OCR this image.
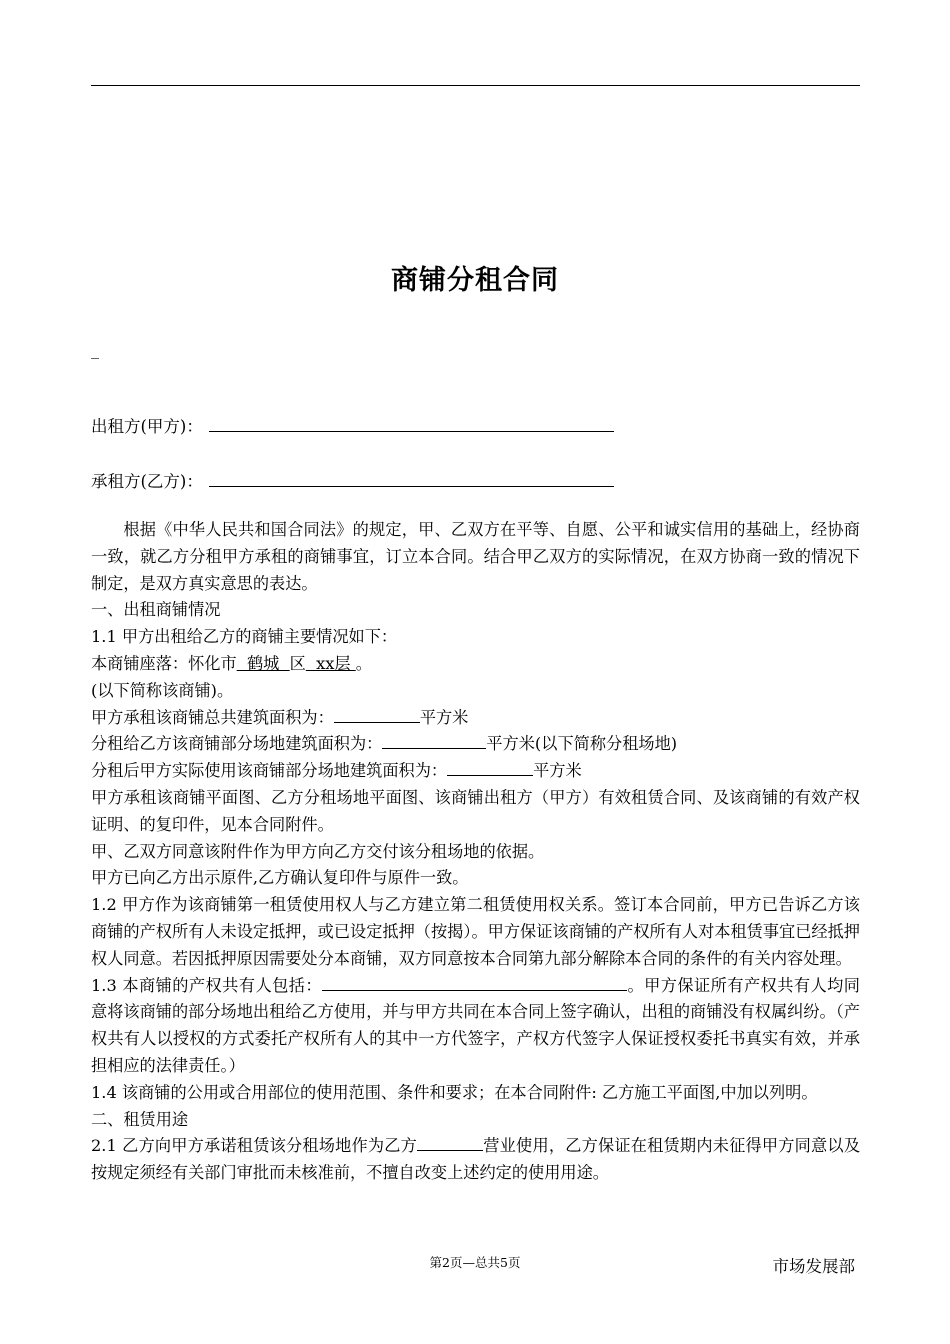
商铺分租合同
_
出租方(甲方)：
承租方(乙方)：

根据《中华人民共和国合同法》的规定，甲、乙双方在平等、自愿、公平和诚实信用的基础上，经协商一致，就乙方分租甲方承租的商铺事宜，订立本合同。结合甲乙双方的实际情况，在双方协商一致的情况下制定，是双方真实意思的表达。

一、出租商铺情况

1.1 甲方出租给乙方的商铺主要情况如下：

本商铺座落：怀化市  鹤城  区  xx层 。

(以下简称该商铺)。

甲方承租该商铺总共建筑面积为：	平方米

分租给乙方该商铺部分场地建筑面积为：	平方米(以下简称分租场地)

分租后甲方实际使用该商铺部分场地建筑面积为：	平方米

甲方承租该商铺平面图、乙方分租场地平面图、该商铺出租方（甲方）有效租赁合同、及该商铺的有效产权证明、的复印件，见本合同附件。

甲、乙双方同意该附件作为甲方向乙方交付该分租场地的依据。

甲方已向乙方出示原件,乙方确认复印件与原件一致。

1.2 甲方作为该商铺第一租赁使用权人与乙方建立第二租赁使用权关系。签订本合同前，甲方已告诉乙方该商铺的产权所有人未设定抵押，或已设定抵押（按揭）。甲方保证该商铺的产权所有人对本租赁事宜已经抵押权人同意。若因抵押原因需要处分本商铺，双方同意按本合同第九部分解除本合同的条件的有关内容处理。

1.3 本商铺的产权共有人包括：	。甲方保证所有产权共有人均同意将该商铺的部分场地出租给乙方使用，并与甲方共同在本合同上签字确认，出租的商铺没有权属纠纷。（产权共有人以授权的方式委托产权所有人的其中一方代签字，产权方代签字人保证授权委托书真实有效，并承担相应的法律责任。）

1.4 该商铺的公用或合用部位的使用范围、条件和要求；在本合同附件: 乙方施工平面图,中加以列明。

二、租赁用途

2.1 乙方向甲方承诺租赁该分租场地作为乙方	营业使用，乙方保证在租赁期内未征得甲方同意以及按规定须经有关部门审批而未核准前，不擅自改变上述约定的使用用途。

第2页—总共5页	市场发展部
